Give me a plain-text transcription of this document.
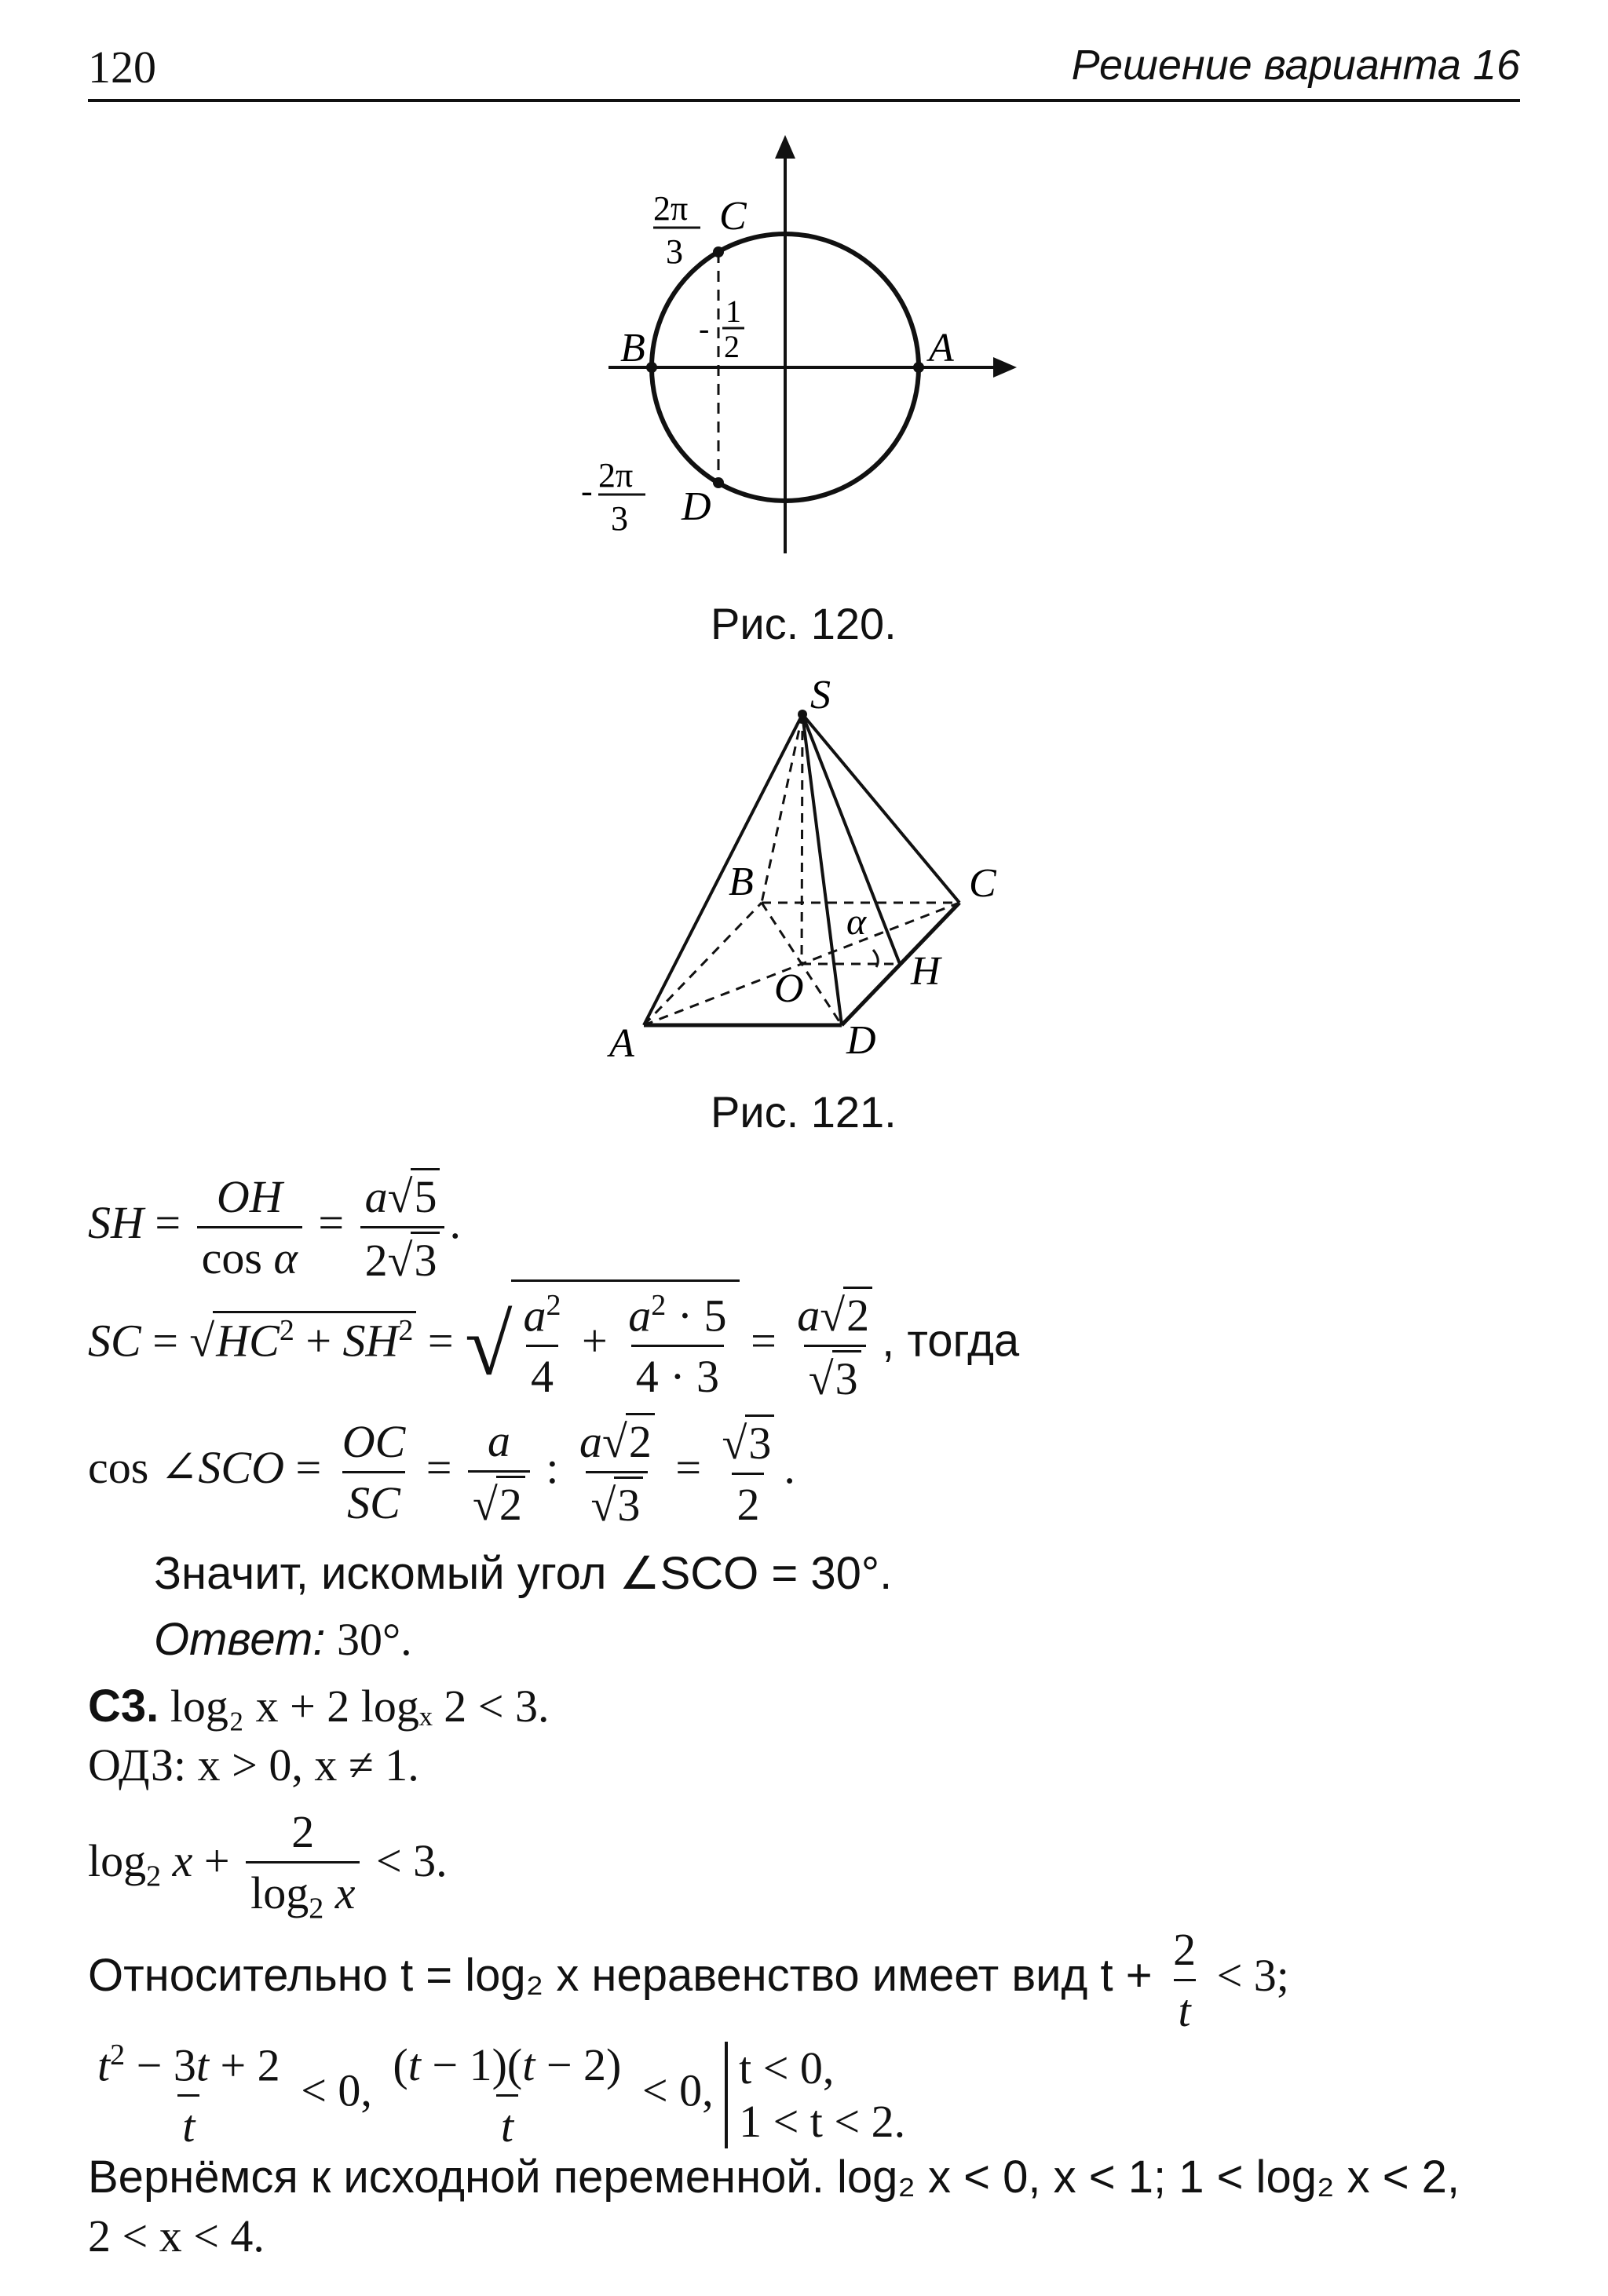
120	Решение варианта 16
A
B
C
D
2π
3
- 2π
3
- 1
2
Рис. 120.
S
B	C
O	H
A	D
α
Рис. 121.
SH = $\frac{OH}{\text{cos α}} = \frac{a√5}{2√3}$ .
SC = $√HC^2 + SH^2$ = √ $\frac{a^2}{4} + \frac{a^2 \cdot 5}{4 \cdot 3} = \frac{a√2}{√3}$ , тогда
cos ∠SCO = $\frac{OC}{SC} = \frac{a}{√2}$ : $\frac{a√2}{√3} = \frac{√3}{2}$ .
Значит, искомый угол ∠SCO = 30°.
Ответ: 30°.
С3. log₂ x + 2 logₓ 2 < 3.
ОДЗ: x > 0, x ≠ 1.
$\log_2 x + \frac{2}{\log_2 x} < 3$.
Относительно t = log₂ x неравенство имеет вид $t + \frac{2}{t} < 3$;
$\frac{t^2 - 3t + 2}{t} < 0$, $\frac{(t - 1)(t - 2)}{t} < 0$, t < 0,
1 < t < 2.
Вернёмся к исходной переменной. log₂ x < 0, x < 1; 1 < log₂ x < 2,
2 < x < 4.
